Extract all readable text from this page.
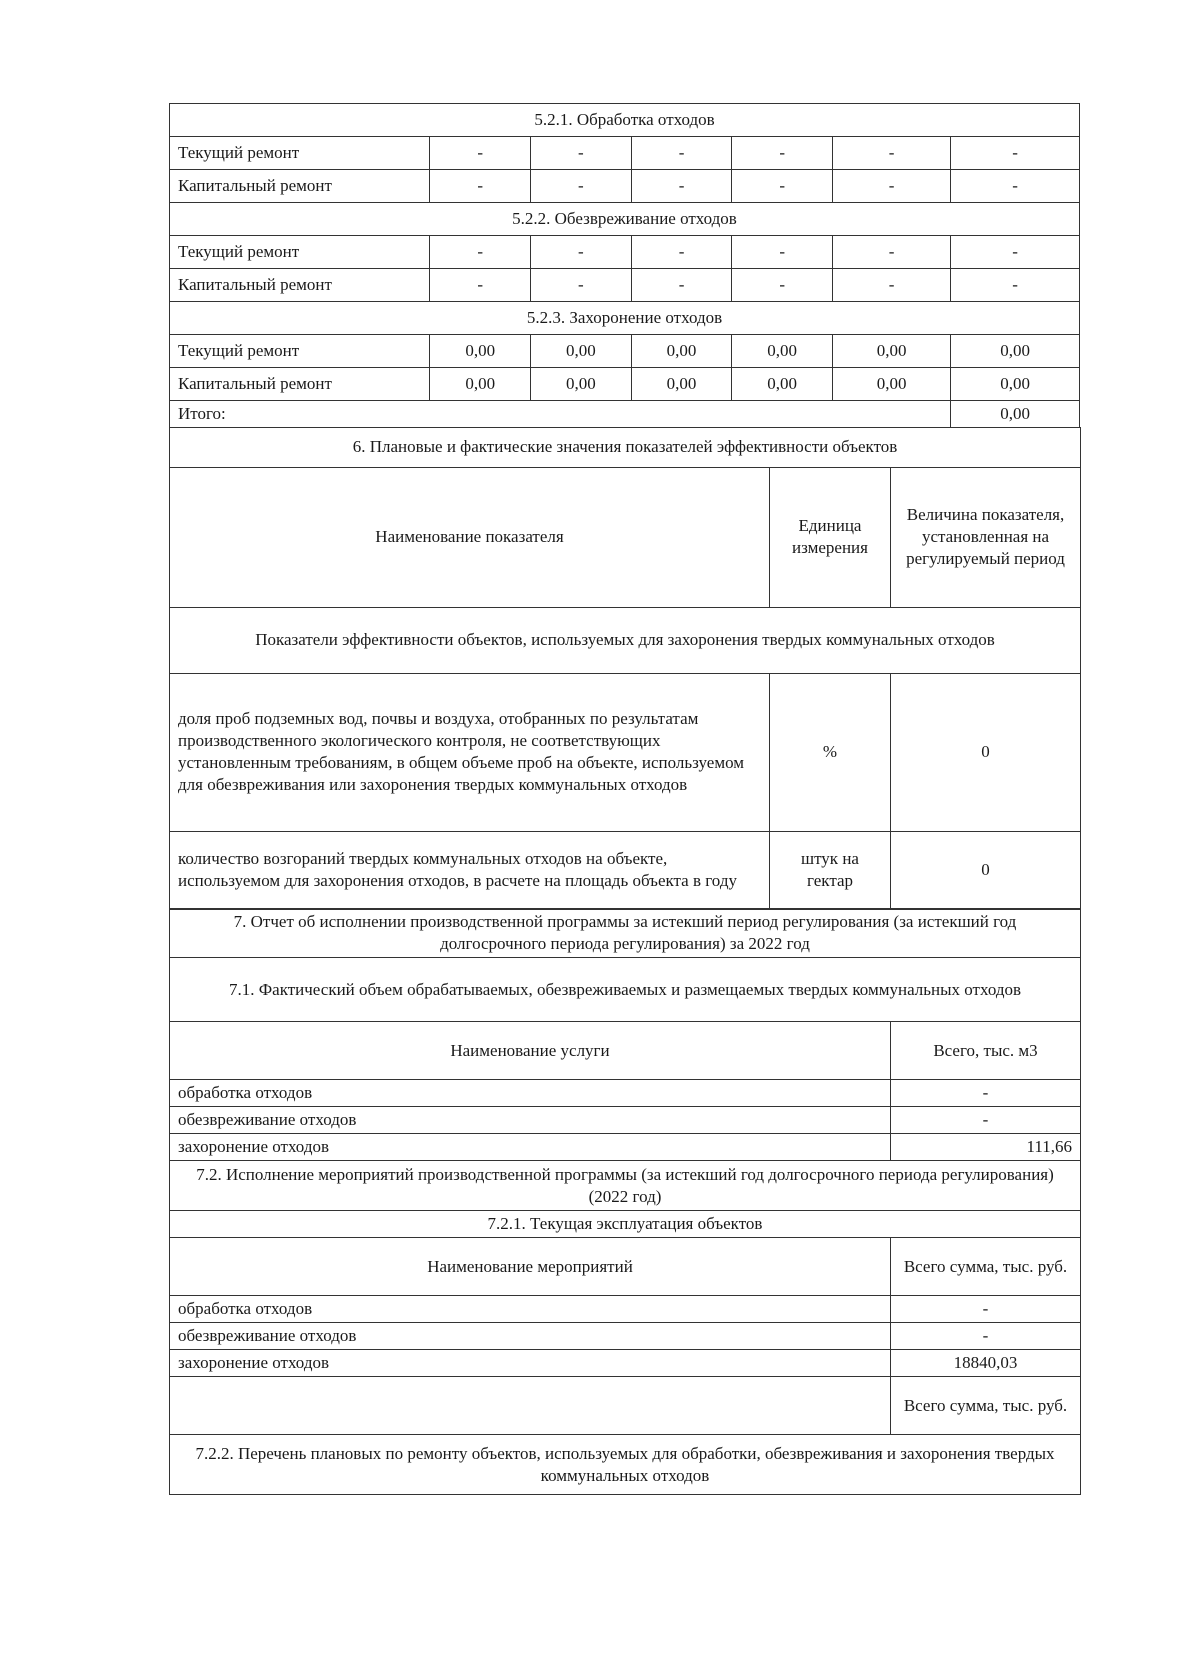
5.2.1. Обработка отходов						
Текущий ремонт	-	-	-	-	-	-
Капитальный ремонт	-	-	-	-	-	-
5.2.2. Обезвреживание отходов						
Текущий ремонт	-	-	-	-	-	-
Капитальный ремонт	-	-	-	-	-	-
5.2.3. Захоронение отходов						
Текущий ремонт	0,00	0,00	0,00	0,00	0,00	0,00
Капитальный ремонт	0,00	0,00	0,00	0,00	0,00	0,00
Итого:						0,00
6. Плановые и фактические значения показателей эффективности объектов		
Наименование показателя	Единица измерения	Величина показателя, установленная на регулируемый период
Показатели эффективности объектов, используемых для захоронения твердых коммунальных отходов		
доля проб подземных вод, почвы и воздуха, отобранных по результатам производственного экологического контроля, не соответствующих установленным требованиям, в общем объеме проб на объекте, используемом для обезвреживания или захоронения твердых коммунальных отходов	%	0
количество возгораний твердых коммунальных отходов на объекте, используемом для захоронения отходов, в расчете на площадь объекта в году	штук на гектар	0
7. Отчет об исполнении производственной программы за истекший период регулирования (за истекший год долгосрочного периода регулирования) за 2022 год	
7.1. Фактический объем обрабатываемых, обезвреживаемых и размещаемых твердых коммунальных отходов	
Наименование услуги	Всего, тыс. м3
обработка отходов	-
обезвреживание отходов	-
захоронение отходов	111,66
7.2. Исполнение мероприятий производственной программы (за истекший год долгосрочного периода регулирования) (2022 год)	
7.2.1. Текущая эксплуатация объектов	
Наименование мероприятий	Всего сумма, тыс. руб.
обработка отходов	-
обезвреживание отходов	-
захоронение отходов	18840,03
	Всего сумма, тыс. руб.
7.2.2. Перечень плановых по ремонту объектов, используемых для обработки, обезвреживания и захоронения твердых коммунальных отходов	
